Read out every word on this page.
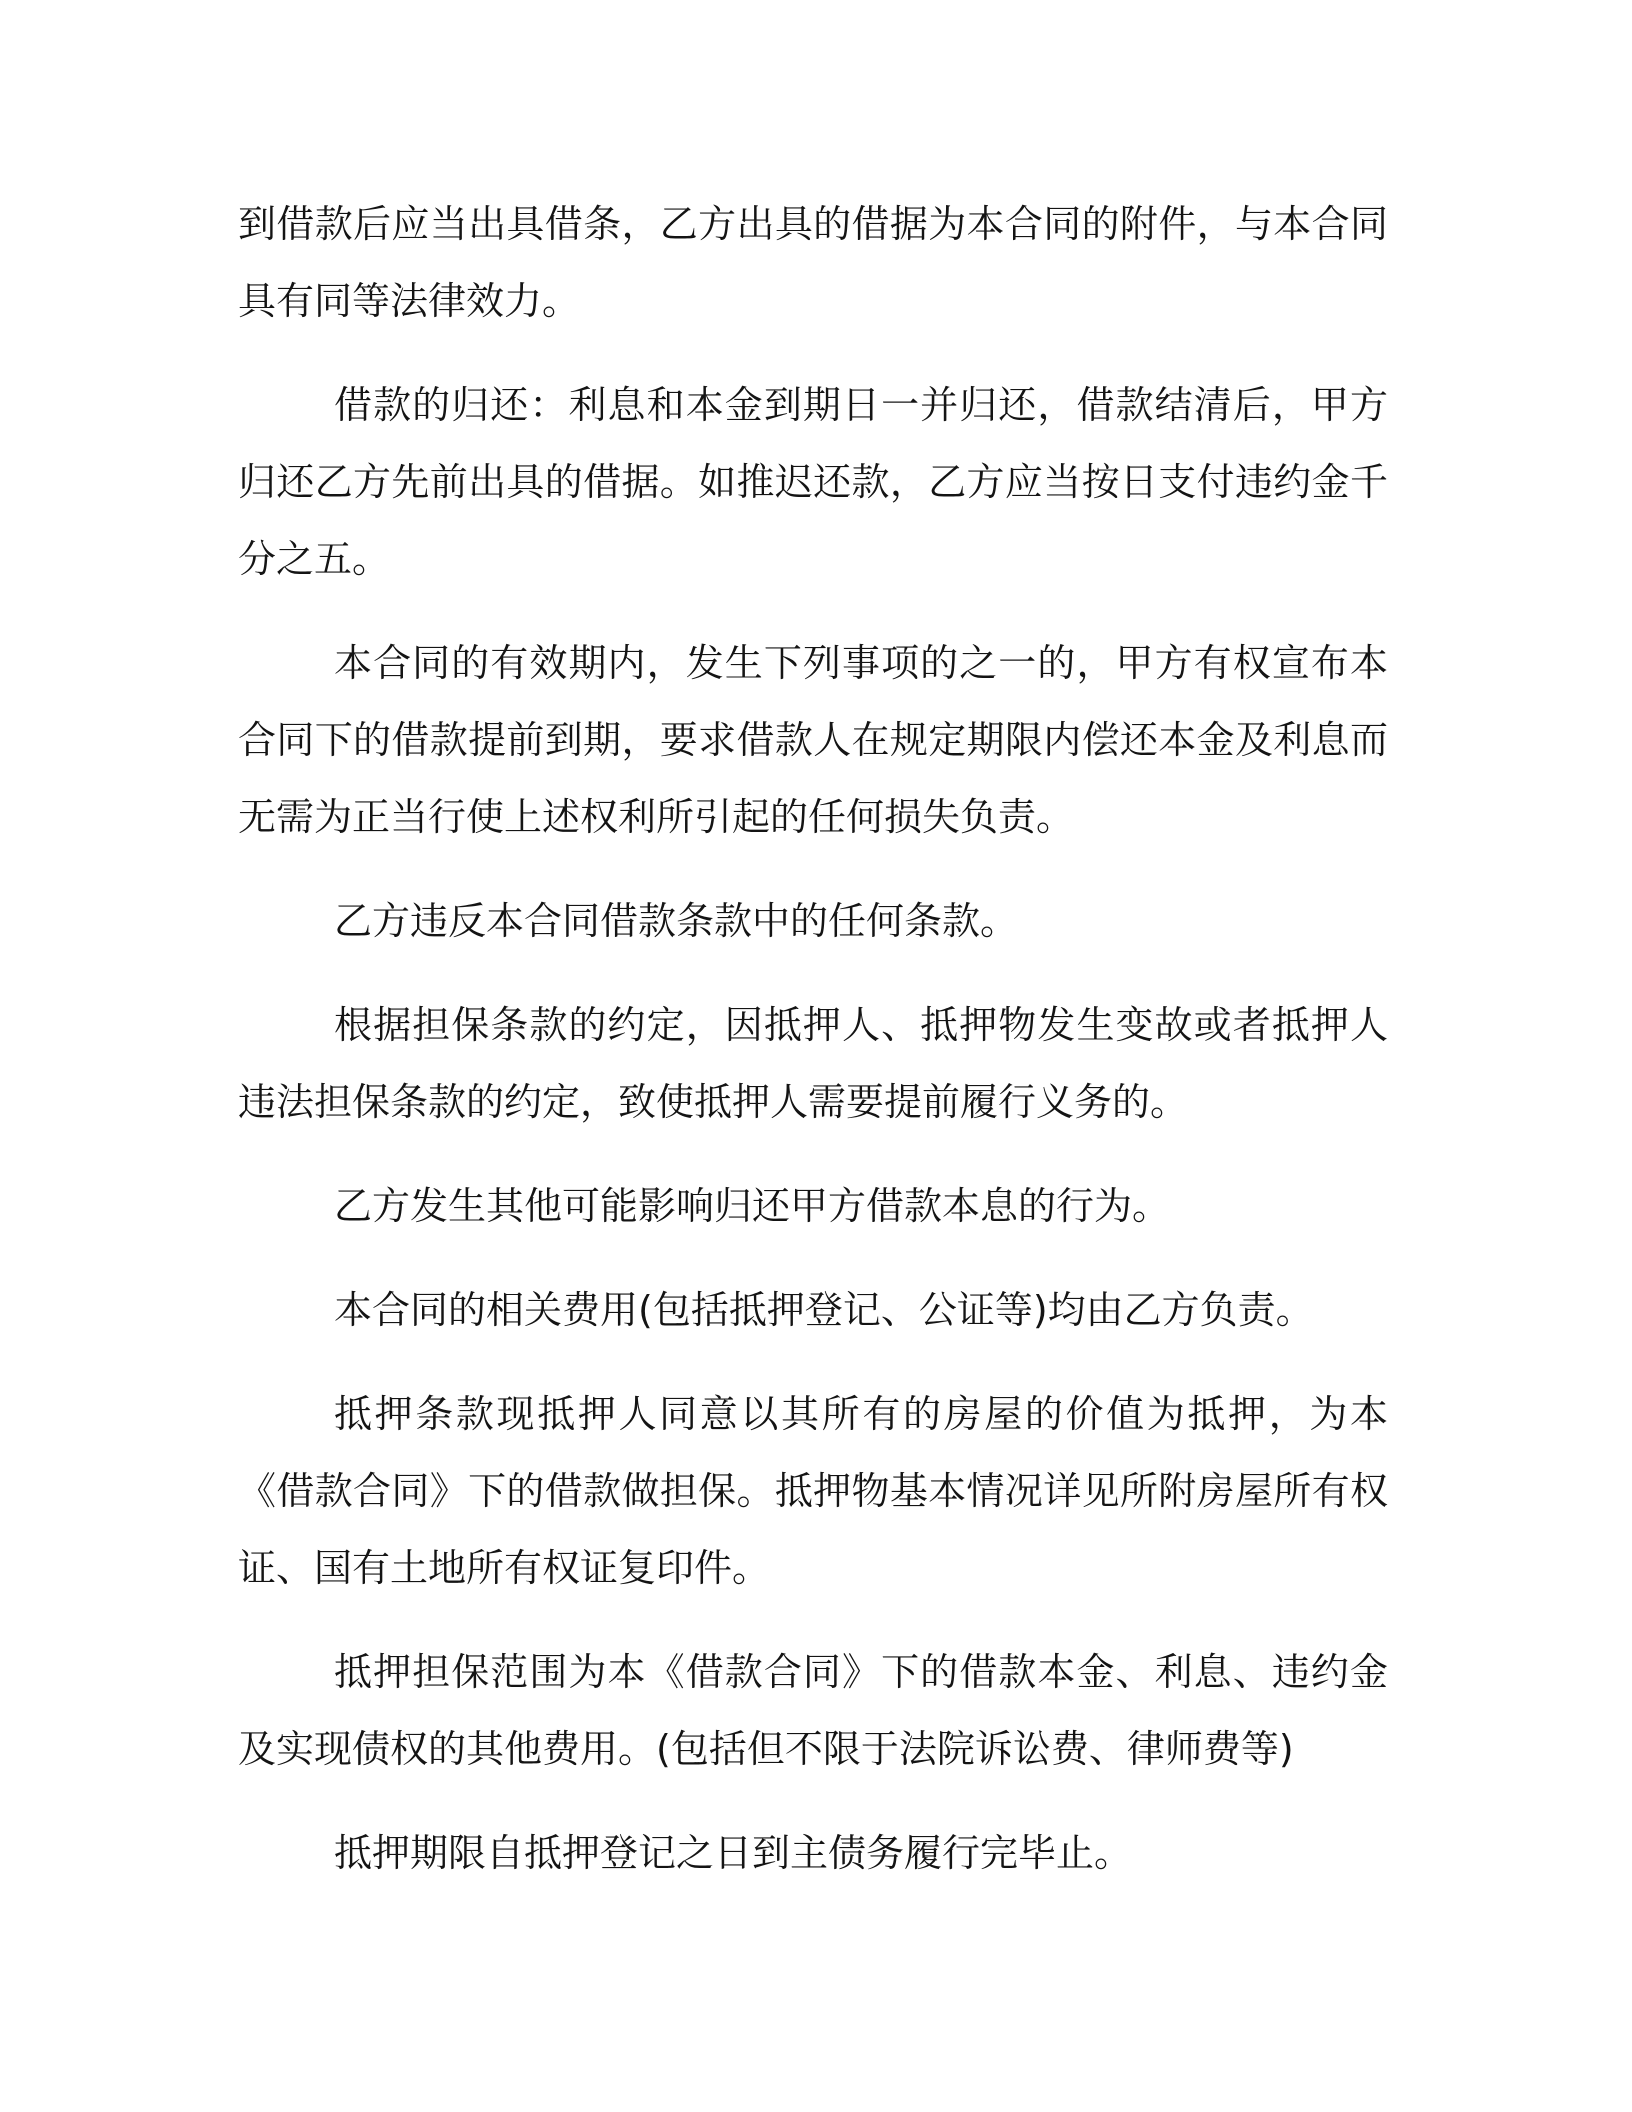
到借款后应当出具借条，乙方出具的借据为本合同的附件，与本合同具有同等法律效力。

借款的归还：利息和本金到期日一并归还，借款结清后，甲方归还乙方先前出具的借据。如推迟还款，乙方应当按日支付违约金千分之五。

本合同的有效期内，发生下列事项的之一的，甲方有权宣布本合同下的借款提前到期，要求借款人在规定期限内偿还本金及利息而无需为正当行使上述权利所引起的任何损失负责。

乙方违反本合同借款条款中的任何条款。

根据担保条款的约定，因抵押人、抵押物发生变故或者抵押人违法担保条款的约定，致使抵押人需要提前履行义务的。

乙方发生其他可能影响归还甲方借款本息的行为。

本合同的相关费用(包括抵押登记、公证等)均由乙方负责。

抵押条款现抵押人同意以其所有的房屋的价值为抵押，为本《借款合同》下的借款做担保。抵押物基本情况详见所附房屋所有权证、国有土地所有权证复印件。

抵押担保范围为本《借款合同》下的借款本金、利息、违约金及实现债权的其他费用。(包括但不限于法院诉讼费、律师费等)

抵押期限自抵押登记之日到主债务履行完毕止。
